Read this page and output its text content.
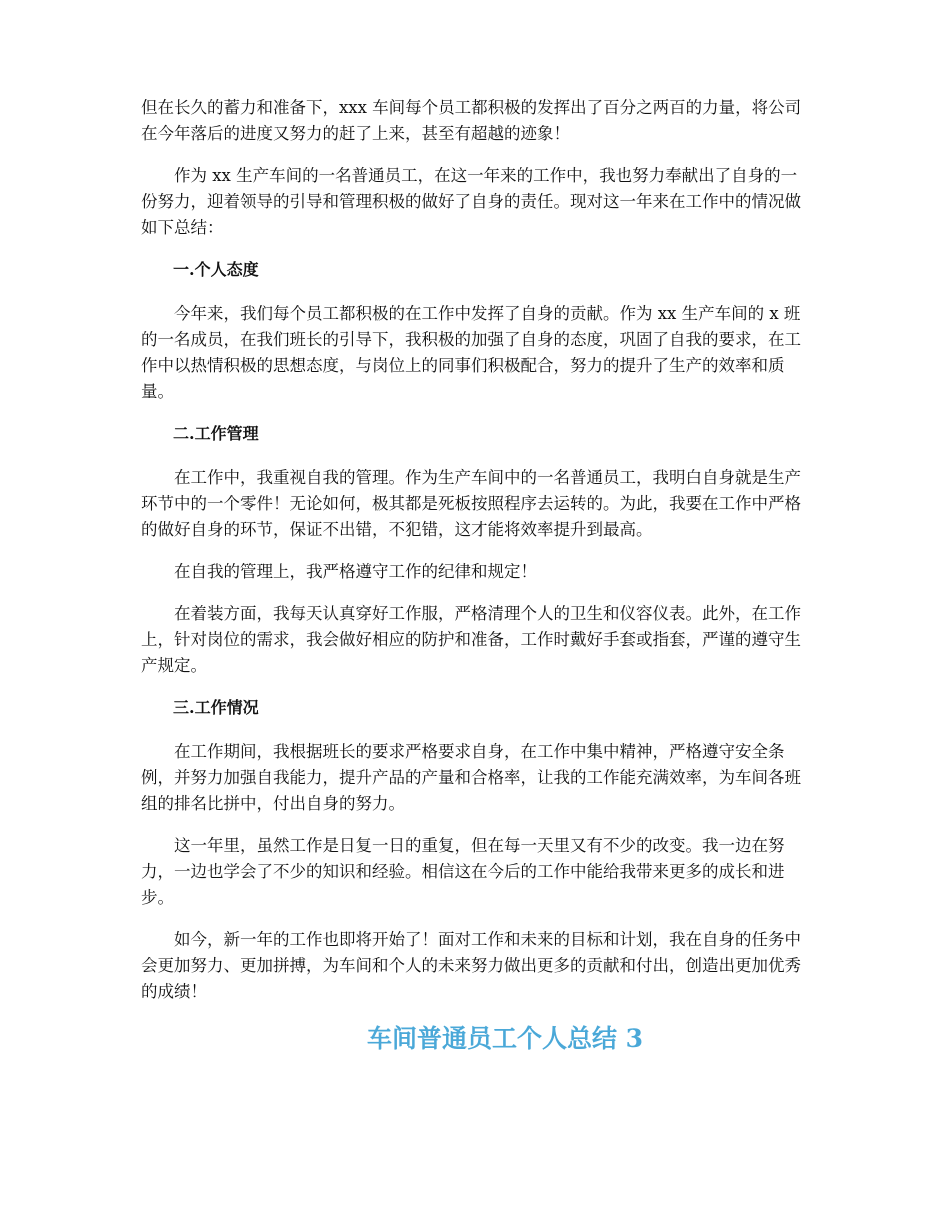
但在长久的蓄力和准备下，xxx 车间每个员工都积极的发挥出了百分之两百的力量，将公司在今年落后的进度又努力的赶了上来，甚至有超越的迹象！

作为 xx 生产车间的一名普通员工，在这一年来的工作中，我也努力奉献出了自身的一份努力，迎着领导的引导和管理积极的做好了自身的责任。现对这一年来在工作中的情况做如下总结：

一.个人态度

今年来，我们每个员工都积极的在工作中发挥了自身的贡献。作为 xx 生产车间的 x 班的一名成员，在我们班长的引导下，我积极的加强了自身的态度，巩固了自我的要求，在工作中以热情积极的思想态度，与岗位上的同事们积极配合，努力的提升了生产的效率和质量。

二.工作管理

在工作中，我重视自我的管理。作为生产车间中的一名普通员工，我明白自身就是生产环节中的一个零件！无论如何，极其都是死板按照程序去运转的。为此，我要在工作中严格的做好自身的环节，保证不出错，不犯错，这才能将效率提升到最高。

在自我的管理上，我严格遵守工作的纪律和规定！

在着装方面，我每天认真穿好工作服，严格清理个人的卫生和仪容仪表。此外，在工作上，针对岗位的需求，我会做好相应的防护和准备，工作时戴好手套或指套，严谨的遵守生产规定。

三.工作情况

在工作期间，我根据班长的要求严格要求自身，在工作中集中精神，严格遵守安全条例，并努力加强自我能力，提升产品的产量和合格率，让我的工作能充满效率，为车间各班组的排名比拼中，付出自身的努力。

这一年里，虽然工作是日复一日的重复，但在每一天里又有不少的改变。我一边在努力，一边也学会了不少的知识和经验。相信这在今后的工作中能给我带来更多的成长和进步。

如今，新一年的工作也即将开始了！面对工作和未来的目标和计划，我在自身的任务中会更加努力、更加拼搏，为车间和个人的未来努力做出更多的贡献和付出，创造出更加优秀的成绩！

车间普通员工个人总结 3
